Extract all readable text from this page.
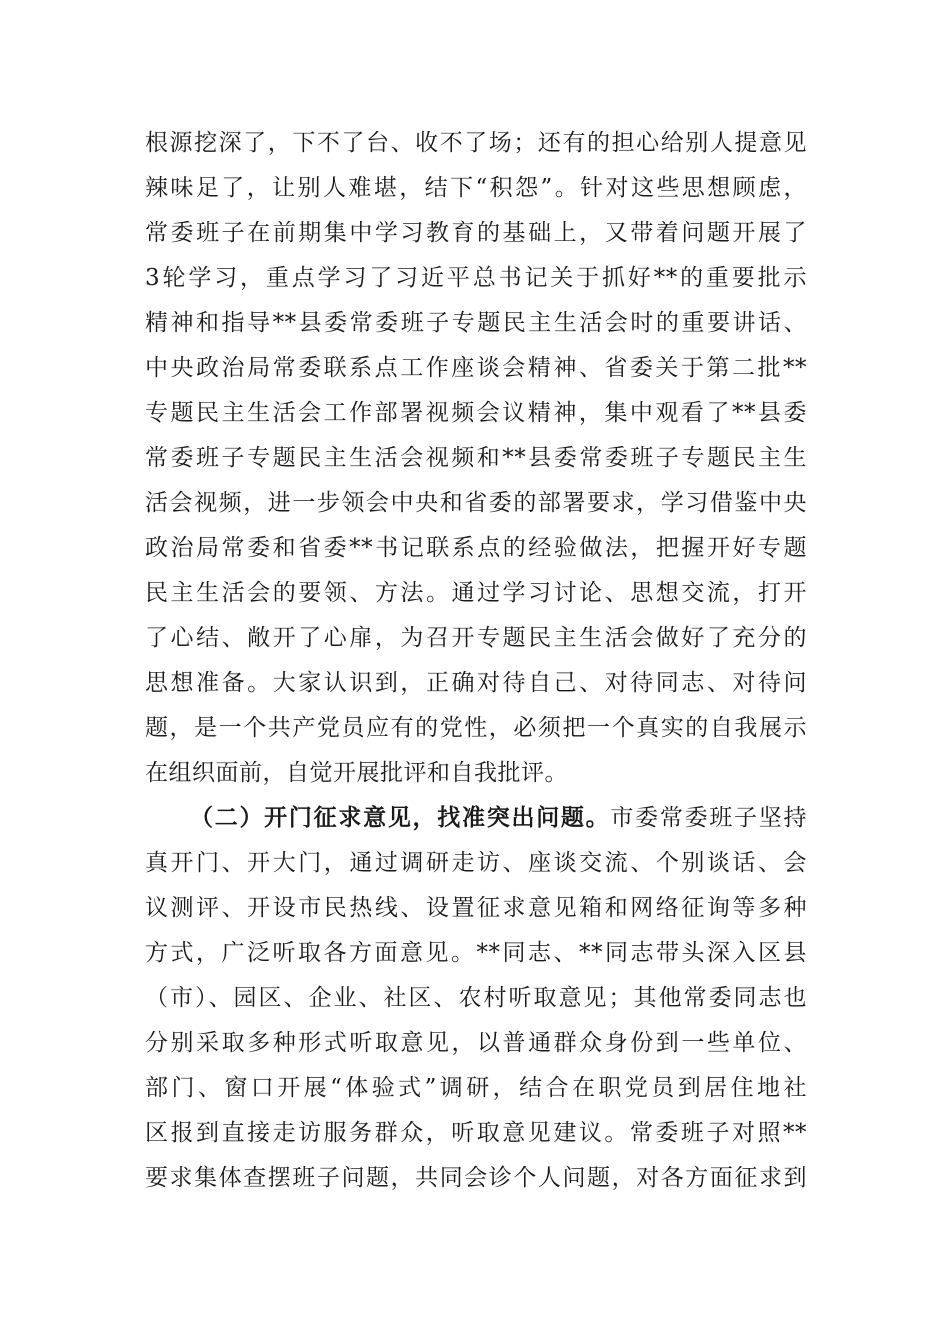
根源挖深了，下不了台、收不了场；还有的担心给别人提意见
辣味足了，让别人难堪，结下“积怨”。针对这些思想顾虑，
常委班子在前期集中学习教育的基础上，又带着问题开展了
3轮学习，重点学习了习近平总书记关于抓好**的重要批示
精神和指导**县委常委班子专题民主生活会时的重要讲话、
中央政治局常委联系点工作座谈会精神、省委关于第二批**
专题民主生活会工作部署视频会议精神，集中观看了**县委
常委班子专题民主生活会视频和**县委常委班子专题民主生
活会视频，进一步领会中央和省委的部署要求，学习借鉴中央
政治局常委和省委**书记联系点的经验做法，把握开好专题
民主生活会的要领、方法。通过学习讨论、思想交流，打开
了心结、敞开了心扉，为召开专题民主生活会做好了充分的
思想准备。大家认识到，正确对待自己、对待同志、对待问
题，是一个共产党员应有的党性，必须把一个真实的自我展示
在组织面前，自觉开展批评和自我批评。
（二）开门征求意见，找准突出问题。市委常委班子坚持
真开门、开大门，通过调研走访、座谈交流、个别谈话、会
议测评、开设市民热线、设置征求意见箱和网络征询等多种
方式，广泛听取各方面意见。**同志、**同志带头深入区县
（市）、园区、企业、社区、农村听取意见；其他常委同志也
分别采取多种形式听取意见，以普通群众身份到一些单位、
部门、窗口开展“体验式”调研，结合在职党员到居住地社
区报到直接走访服务群众，听取意见建议。常委班子对照**
要求集体查摆班子问题，共同会诊个人问题，对各方面征求到
